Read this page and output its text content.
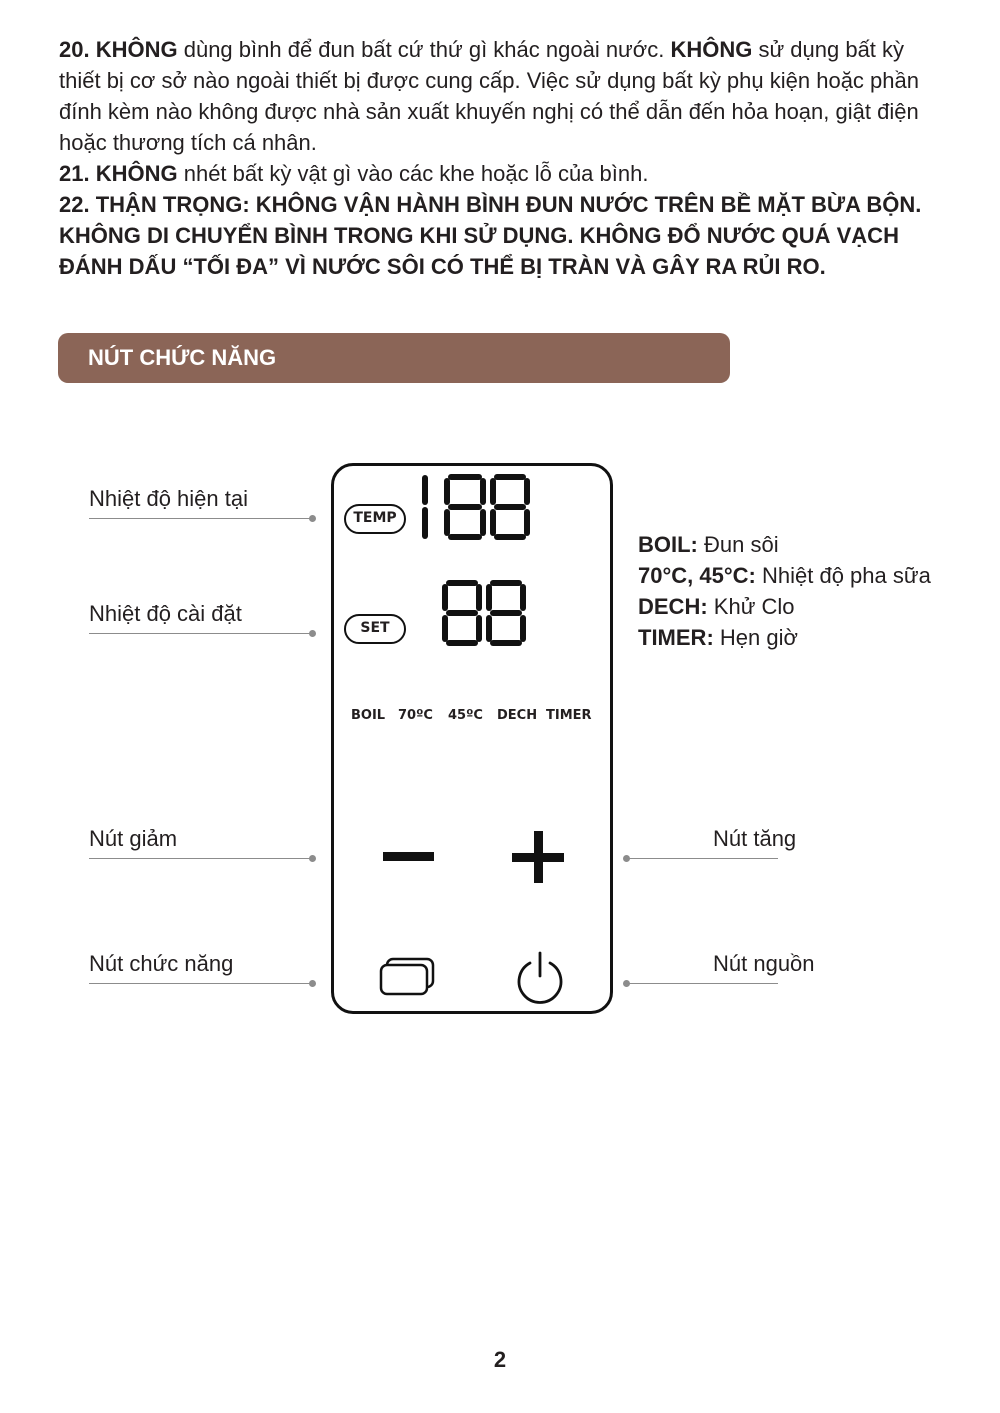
20. KHÔNG dùng bình để đun bất cứ thứ gì khác ngoài nước. KHÔNG sử dụng bất kỳ thiết bị cơ sở nào ngoài thiết bị được cung cấp. Việc sử dụng bất kỳ phụ kiện hoặc phần đính kèm nào không được nhà sản xuất khuyến nghị có thể dẫn đến hỏa hoạn, giật điện hoặc thương tích cá nhân.

21. KHÔNG nhét bất kỳ vật gì vào các khe hoặc lỗ của bình.

22. THẬN TRỌNG: KHÔNG VẬN HÀNH BÌNH ĐUN NƯỚC TRÊN BỀ MẶT BỪA BỘN. KHÔNG DI CHUYỂN BÌNH TRONG KHI SỬ DỤNG. KHÔNG ĐỔ NƯỚC QUÁ VẠCH ĐÁNH DẤU “TỐI ĐA” VÌ NƯỚC SÔI CÓ THỂ BỊ TRÀN VÀ GÂY RA RỦI RO.

NÚT CHỨC NĂNG
TEMP
SET
BOIL 70ºC 45ºC DECH TIMER
Nhiệt độ hiện tại
Nhiệt độ cài đặt
Nút giảm
Nút chức năng
Nút tăng
Nút nguồn
BOIL: Đun sôi
70°C, 45°C: Nhiệt độ pha sữa
DECH: Khử Clo
TIMER: Hẹn giờ
2
